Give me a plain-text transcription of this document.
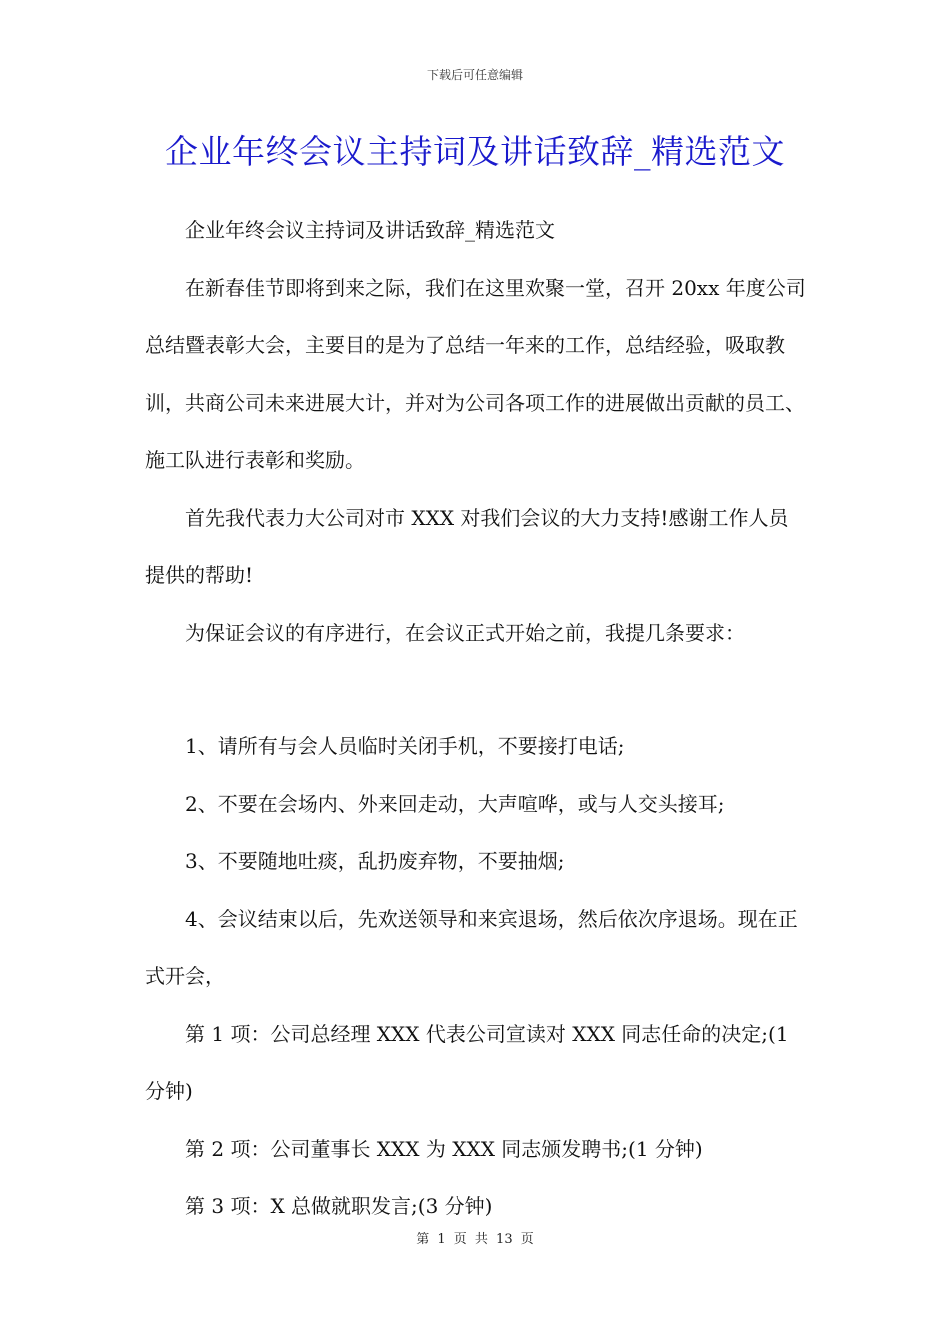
下载后可任意编辑
企业年终会议主持词及讲话致辞_精选范文

企业年终会议主持词及讲话致辞_精选范文

在新春佳节即将到来之际，我们在这里欢聚一堂，召开 20xx 年度公司总结暨表彰大会，主要目的是为了总结一年来的工作，总结经验，吸取教训，共商公司未来进展大计，并对为公司各项工作的进展做出贡献的员工、施工队进行表彰和奖励。

首先我代表力大公司对市 XXX 对我们会议的大力支持!感谢工作人员提供的帮助!

为保证会议的有序进行，在会议正式开始之前，我提几条要求：

1、请所有与会人员临时关闭手机，不要接打电话;

2、不要在会场内、外来回走动，大声喧哗，或与人交头接耳;

3、不要随地吐痰，乱扔废弃物，不要抽烟;

4、会议结束以后，先欢送领导和来宾退场，然后依次序退场。现在正式开会，

第 1 项：公司总经理 XXX 代表公司宣读对 XXX 同志任命的决定;(1 分钟)

第 2 项：公司董事长 XXX 为 XXX 同志颁发聘书;(1 分钟)

第 3 项：X 总做就职发言;(3 分钟)

第 1 页 共 13 页
